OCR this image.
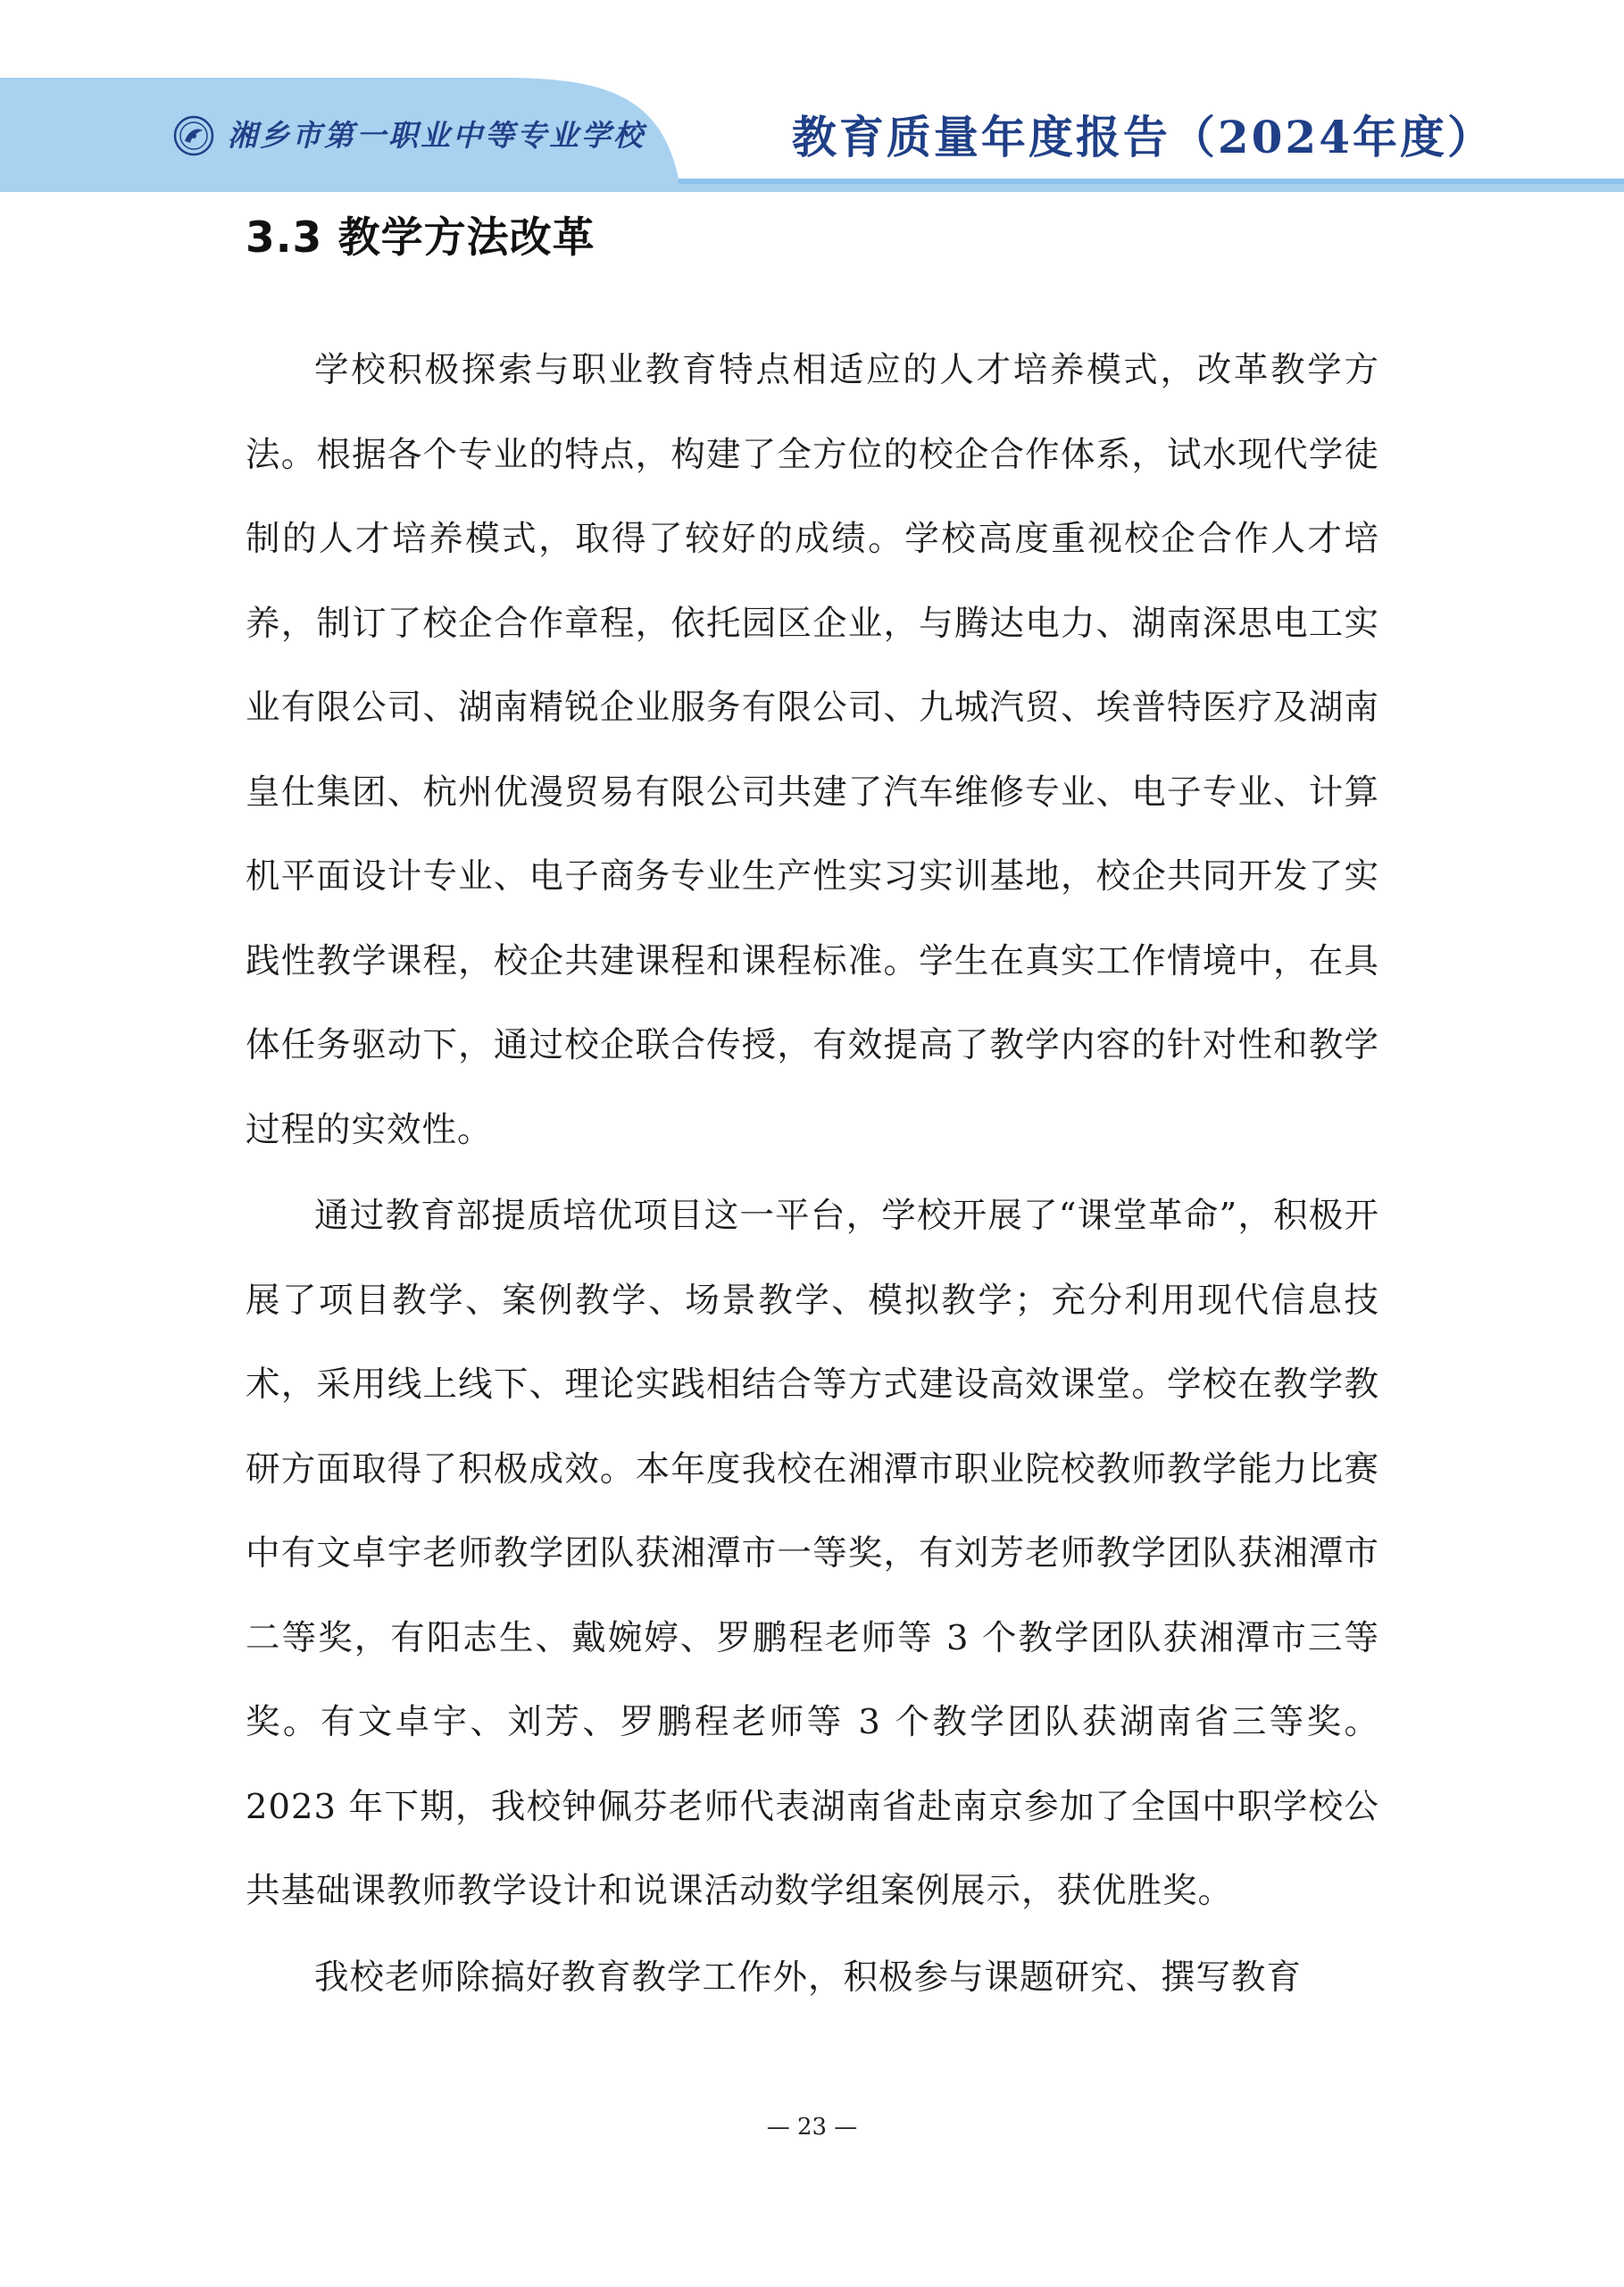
湘乡市第一职业中等专业学校	教育质量年度报告（2024年度）
3.3 教学方法改革

学校积极探索与职业教育特点相适应的人才培养模式，改革教学方法。根据各个专业的特点，构建了全方位的校企合作体系，试水现代学徒制的人才培养模式，取得了较好的成绩。学校高度重视校企合作人才培养，制订了校企合作章程，依托园区企业，与腾达电力、湖南深思电工实业有限公司、湖南精锐企业服务有限公司、九城汽贸、埃普特医疗及湖南皇仕集团、杭州优漫贸易有限公司共建了汽车维修专业、电子专业、计算机平面设计专业、电子商务专业生产性实习实训基地，校企共同开发了实践性教学课程，校企共建课程和课程标准。学生在真实工作情境中，在具体任务驱动下，通过校企联合传授，有效提高了教学内容的针对性和教学过程的实效性。

通过教育部提质培优项目这一平台，学校开展了“课堂革命”，积极开展了项目教学、案例教学、场景教学、模拟教学；充分利用现代信息技术，采用线上线下、理论实践相结合等方式建设高效课堂。学校在教学教研方面取得了积极成效。本年度我校在湘潭市职业院校教师教学能力比赛中有文卓宇老师教学团队获湘潭市一等奖，有刘芳老师教学团队获湘潭市二等奖，有阳志生、戴婉婷、罗鹏程老师等 3 个教学团队获湘潭市三等奖。有文卓宇、刘芳、罗鹏程老师等 3 个教学团队获湖南省三等奖。2023 年下期，我校钟佩芬老师代表湖南省赴南京参加了全国中职学校公共基础课教师教学设计和说课活动数学组案例展示，获优胜奖。

我校老师除搞好教育教学工作外，积极参与课题研究、撰写教育

— 23 —
